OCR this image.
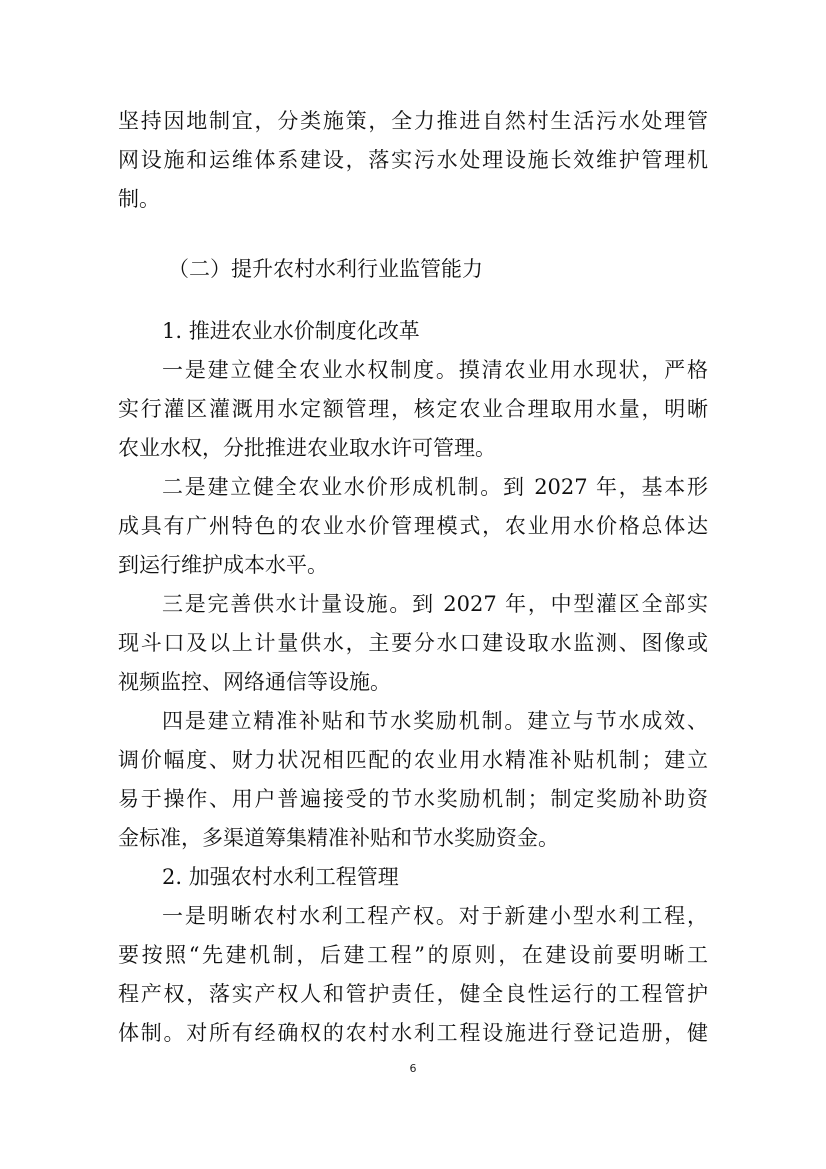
坚持因地制宜，分类施策，全力推进自然村生活污水处理管
网设施和运维体系建设，落实污水处理设施长效维护管理机
制。
（二）提升农村水利行业监管能力
1. 推进农业水价制度化改革
一是建立健全农业水权制度。摸清农业用水现状，严格
实行灌区灌溉用水定额管理，核定农业合理取用水量，明晰
农业水权，分批推进农业取水许可管理。
二是建立健全农业水价形成机制。到 2027 年，基本形
成具有广州特色的农业水价管理模式，农业用水价格总体达
到运行维护成本水平。
三是完善供水计量设施。到 2027 年，中型灌区全部实
现斗口及以上计量供水，主要分水口建设取水监测、图像或
视频监控、网络通信等设施。
四是建立精准补贴和节水奖励机制。建立与节水成效、
调价幅度、财力状况相匹配的农业用水精准补贴机制；建立
易于操作、用户普遍接受的节水奖励机制；制定奖励补助资
金标准，多渠道筹集精准补贴和节水奖励资金。
2. 加强农村水利工程管理
一是明晰农村水利工程产权。对于新建小型水利工程，
要按照“先建机制，后建工程”的原则，在建设前要明晰工
程产权，落实产权人和管护责任，健全良性运行的工程管护
体制。对所有经确权的农村水利工程设施进行登记造册，健
6
